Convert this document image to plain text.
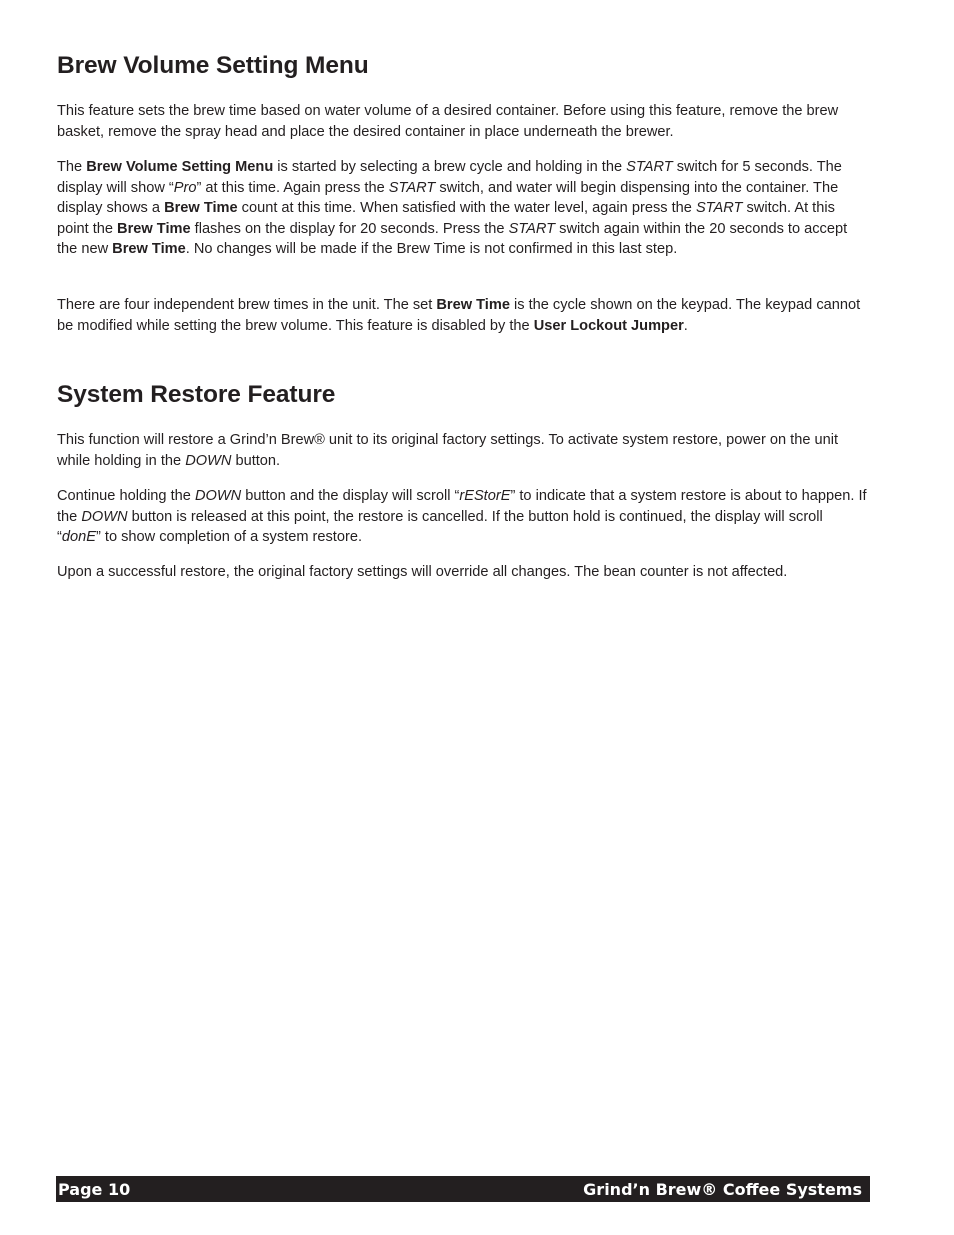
Brew Volume Setting Menu

This feature sets the brew time based on water volume of a desired container. Before using this feature, remove the brew basket, remove the spray head and place the desired container in place underneath the brewer.

The Brew Volume Setting Menu is started by selecting a brew cycle and holding in the START switch for 5 seconds. The display will show “Pro” at this time. Again press the START switch, and water will begin dispensing into the container. The display shows a Brew Time count at this time. When satisfied with the water level, again press the START switch. At this point the Brew Time flashes on the display for 20 seconds. Press the START switch again within the 20 seconds to accept the new Brew Time. No changes will be made if the Brew Time is not confirmed in this last step.

There are four independent brew times in the unit. The set Brew Time is the cycle shown on the keypad. The keypad cannot be modified while setting the brew volume. This feature is disabled by the User Lockout Jumper.

System Restore Feature

This function will restore a Grind’n Brew® unit to its original factory settings. To activate system restore, power on the unit while holding in the DOWN button.

Continue holding the DOWN button and the display will scroll “rEStorE” to indicate that a system restore is about to happen. If the DOWN button is released at this point, the restore is cancelled. If the button hold is continued, the display will scroll “donE” to show completion of a system restore.

Upon a successful restore, the original factory settings will override all changes. The bean counter is not affected.

Page 10	Grind’n Brew® Coffee Systems
